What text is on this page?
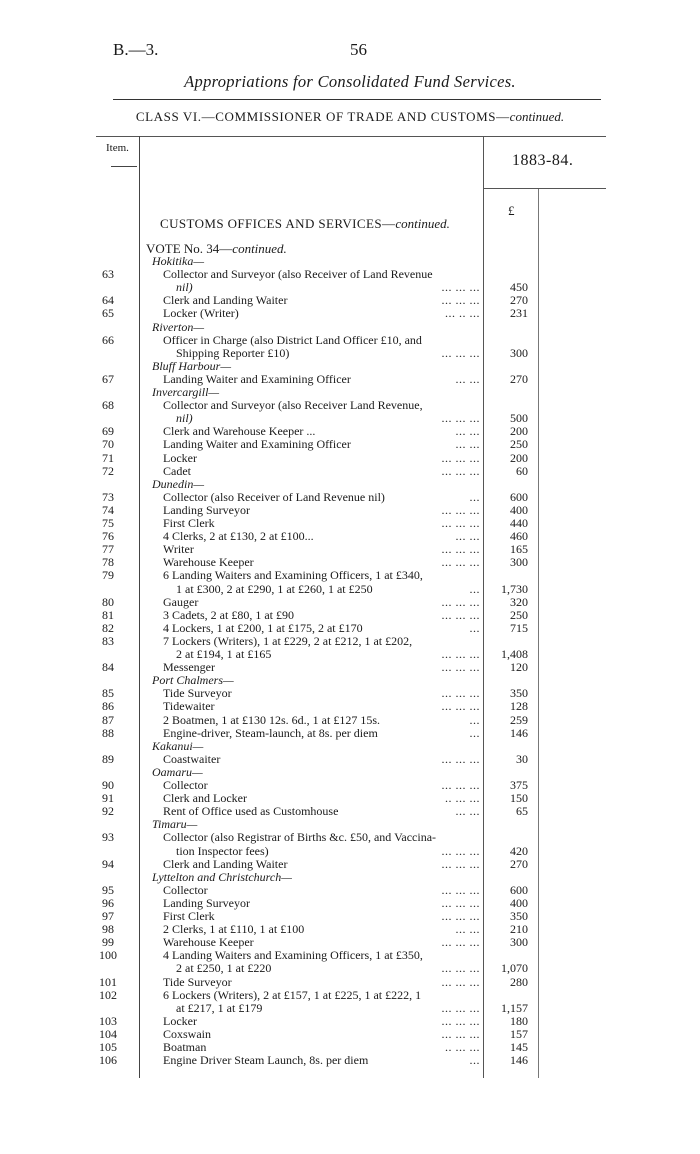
B.—3.	56
Appropriations for Consolidated Fund Services.
CLASS VI.—COMMISSIONER OF TRADE AND CUSTOMS—continued.
Item.
1883-84.
£
CUSTOMS OFFICES AND SERVICES—continued.
VOTE No. 34—continued.
Hokitika—
63	Collector and Surveyor (also Receiver of Land Revenue
nil)	... ... ...	450
64	Clerk and Landing Waiter	... ... ...	270
65	Locker (Writer)	... .. ...	231
Riverton—
66	Officer in Charge (also District Land Officer £10, and
Shipping Reporter £10)	... ... ...	300
Bluff Harbour—
67	Landing Waiter and Examining Officer	... ...	270
Invercargill—
68	Collector and Surveyor (also Receiver Land Revenue,
nil)	... ... ...	500
69	Clerk and Warehouse Keeper ...	... ...	200
70	Landing Waiter and Examining Officer	... ...	250
71	Locker	... ... ...	200
72	Cadet	... ... ...	60
Dunedin—
73	Collector (also Receiver of Land Revenue nil)	...	600
74	Landing Surveyor	... ... ...	400
75	First Clerk	... ... ...	440
76	4 Clerks, 2 at £130, 2 at £100...	... ...	460
77	Writer	... ... ...	165
78	Warehouse Keeper	... ... ...	300
79	6 Landing Waiters and Examining Officers, 1 at £340,
1 at £300, 2 at £290, 1 at £260, 1 at £250	...	1,730
80	Gauger	... ... ...	320
81	3 Cadets, 2 at £80, 1 at £90	... ... ...	250
82	4 Lockers, 1 at £200, 1 at £175, 2 at £170	...	715
83	7 Lockers (Writers), 1 at £229, 2 at £212, 1 at £202,
2 at £194, 1 at £165	... ... ...	1,408
84	Messenger	... ... ...	120
Port Chalmers—
85	Tide Surveyor	... ... ...	350
86	Tidewaiter	... ... ...	128
87	2 Boatmen, 1 at £130 12s. 6d., 1 at £127 15s.	...	259
88	Engine-driver, Steam-launch, at 8s. per diem	...	146
Kakanui—
89	Coastwaiter	... ... ...	30
Oamaru—
90	Collector	... ... ...	375
91	Clerk and Locker	.. ... ...	150
92	Rent of Office used as Customhouse	... ...	65
Timaru—
93	Collector (also Registrar of Births &c. £50, and Vaccina-
tion Inspector fees)	... ... ...	420
94	Clerk and Landing Waiter	... ... ...	270
Lyttelton and Christchurch—
95	Collector	... ... ...	600
96	Landing Surveyor	... ... ...	400
97	First Clerk	... ... ...	350
98	2 Clerks, 1 at £110, 1 at £100	... ...	210
99	Warehouse Keeper	... ... ...	300
100	4 Landing Waiters and Examining Officers, 1 at £350,
2 at £250, 1 at £220	... ... ...	1,070
101	Tide Surveyor	... ... ...	280
102	6 Lockers (Writers), 2 at £157, 1 at £225, 1 at £222, 1
at £217, 1 at £179	... ... ...	1,157
103	Locker	... ... ...	180
104	Coxswain	... ... ...	157
105	Boatman	.. ... ...	145
106	Engine Driver Steam Launch, 8s. per diem	...	146
